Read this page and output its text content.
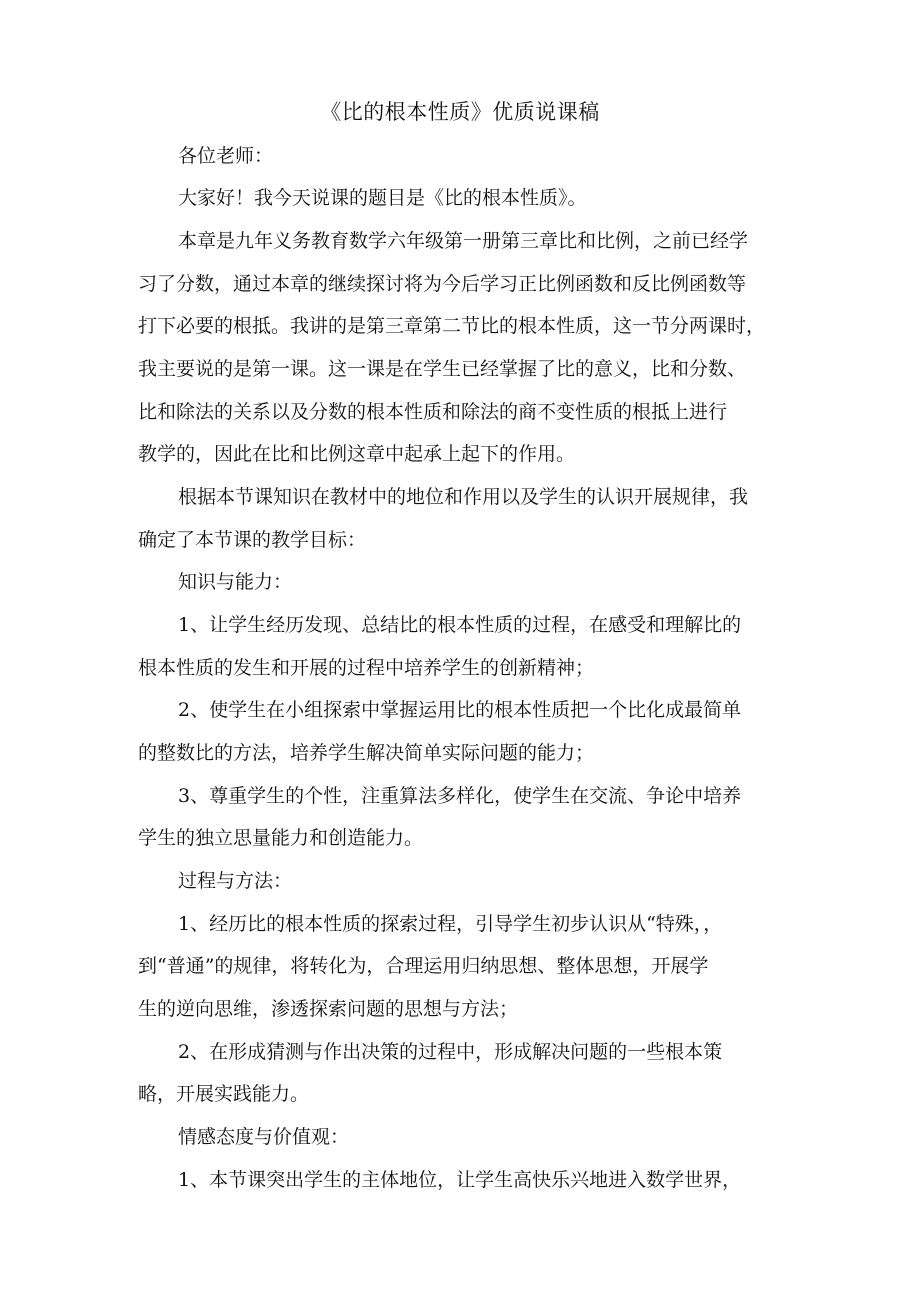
《比的根本性质》优质说课稿
各位老师：
大家好！我今天说课的题目是《比的根本性质》。
本章是九年义务教育数学六年级第一册第三章比和比例，之前已经学
习了分数，通过本章的继续探讨将为今后学习正比例函数和反比例函数等
打下必要的根抵。我讲的是第三章第二节比的根本性质，这一节分两课时，
我主要说的是第一课。这一课是在学生已经掌握了比的意义，比和分数、
比和除法的关系以及分数的根本性质和除法的商不变性质的根抵上进行
教学的，因此在比和比例这章中起承上起下的作用。
根据本节课知识在教材中的地位和作用以及学生的认识开展规律，我
确定了本节课的教学目标：
知识与能力：
1、让学生经历发现、总结比的根本性质的过程，在感受和理解比的
根本性质的发生和开展的过程中培养学生的创新精神；
2、使学生在小组探索中掌握运用比的根本性质把一个比化成最简单
的整数比的方法，培养学生解决简单实际问题的能力；
3、尊重学生的个性，注重算法多样化，使学生在交流、争论中培养
学生的独立思量能力和创造能力。
过程与方法：
1、经历比的根本性质的探索过程，引导学生初步认识从“特殊，，
到“普通”的规律，将转化为，合理运用归纳思想、整体思想，开展学
生的逆向思维，渗透探索问题的思想与方法；
2、在形成猜测与作出决策的过程中，形成解决问题的一些根本策
略，开展实践能力。
情感态度与价值观：
1、本节课突出学生的主体地位，让学生高快乐兴地进入数学世界，
